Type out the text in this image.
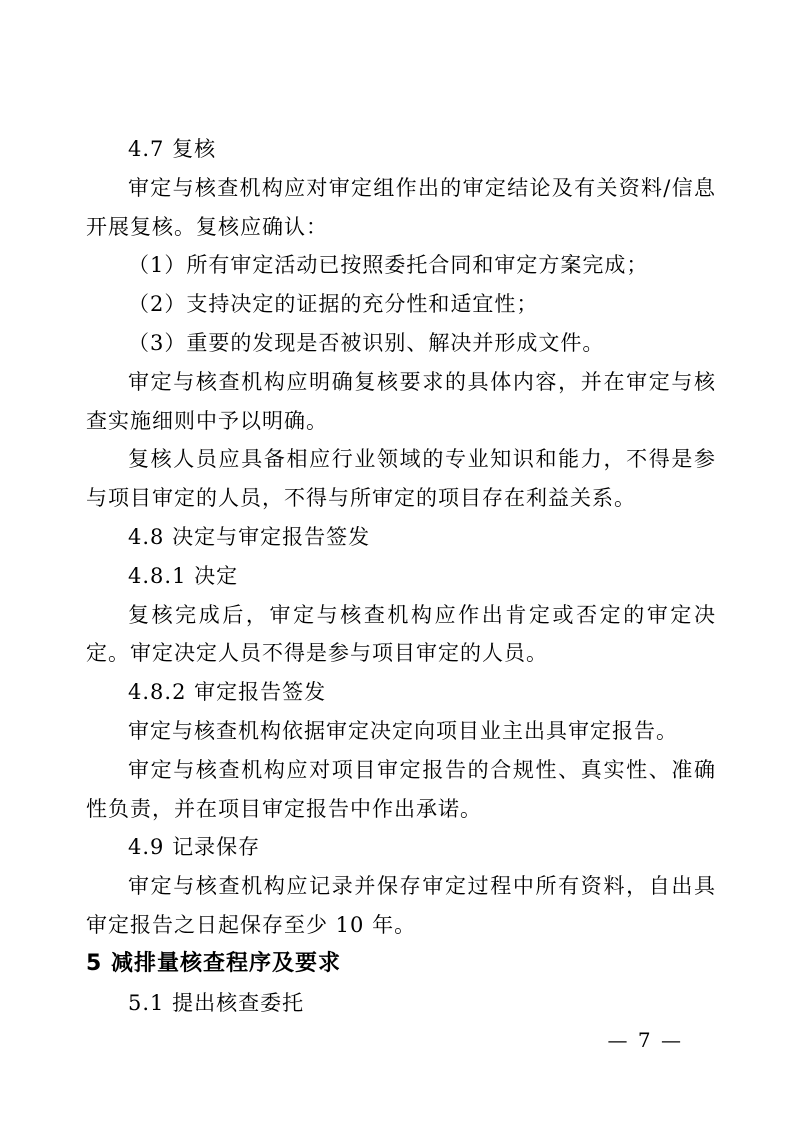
4.7 复核

审定与核查机构应对审定组作出的审定结论及有关资料/信息开展复核。复核应确认：

（1）所有审定活动已按照委托合同和审定方案完成；

（2）支持决定的证据的充分性和适宜性；

（3）重要的发现是否被识别、解决并形成文件。

审定与核查机构应明确复核要求的具体内容，并在审定与核查实施细则中予以明确。

复核人员应具备相应行业领域的专业知识和能力，不得是参与项目审定的人员，不得与所审定的项目存在利益关系。

4.8 决定与审定报告签发

4.8.1 决定

复核完成后，审定与核查机构应作出肯定或否定的审定决定。审定决定人员不得是参与项目审定的人员。

4.8.2 审定报告签发

审定与核查机构依据审定决定向项目业主出具审定报告。

审定与核查机构应对项目审定报告的合规性、真实性、准确性负责，并在项目审定报告中作出承诺。

4.9 记录保存

审定与核查机构应记录并保存审定过程中所有资料，自出具审定报告之日起保存至少 10 年。

5 减排量核查程序及要求

5.1 提出核查委托

— 7 —
